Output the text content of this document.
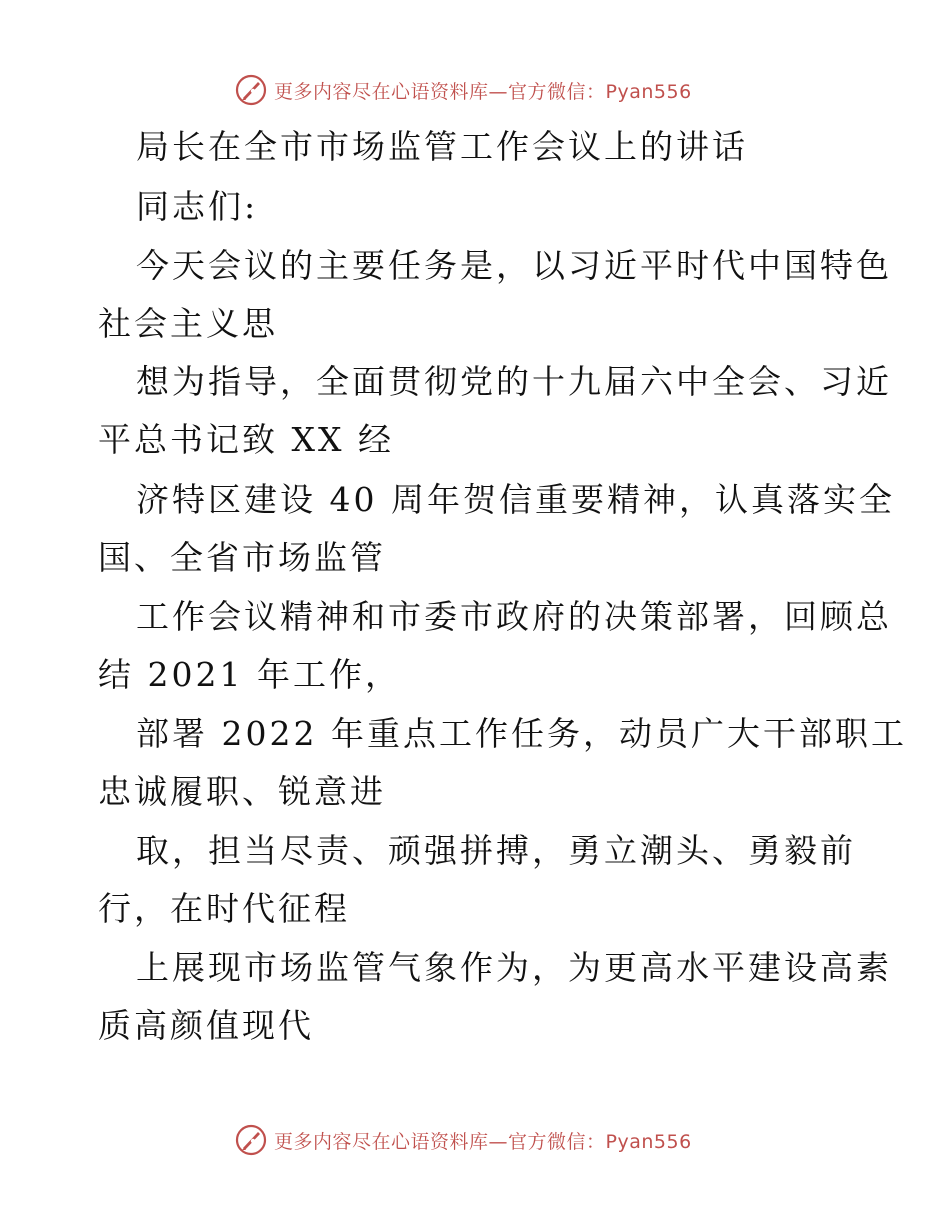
更多内容尽在心语资料库—官方微信：Pyan556
局长在全市市场监管工作会议上的讲话
同志们:
今天会议的主要任务是，以习近平时代中国特色
社会主义思
想为指导，全面贯彻党的十九届六中全会、习近
平总书记致 XX 经
济特区建设 40 周年贺信重要精神，认真落实全
国、全省市场监管
工作会议精神和市委市政府的决策部署，回顾总
结 2021 年工作，
部署 2022 年重点工作任务，动员广大干部职工
忠诚履职、锐意进
取，担当尽责、顽强拼搏，勇立潮头、勇毅前
行，在时代征程
上展现市场监管气象作为，为更高水平建设高素
质高颜值现代
更多内容尽在心语资料库—官方微信：Pyan556
